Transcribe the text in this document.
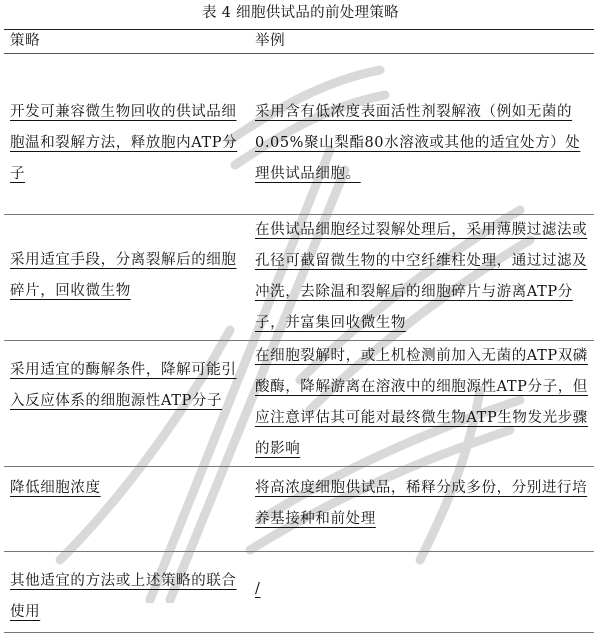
表 4 细胞供试品的前处理策略
策略	举例
开发可兼容微生物回收的供试品细胞温和裂解方法，释放胞内ATP分子	采用含有低浓度表面活性剂裂解液（例如无菌的0.05%聚山梨酯80水溶液或其他的适宜处方）处理供试品细胞。
采用适宜手段，分离裂解后的细胞碎片，回收微生物	在供试品细胞经过裂解处理后，采用薄膜过滤法或孔径可截留微生物的中空纤维柱处理，通过过滤及冲洗，去除温和裂解后的细胞碎片与游离ATP分子，并富集回收微生物
采用适宜的酶解条件，降解可能引入反应体系的细胞源性ATP分子	在细胞裂解时，或上机检测前加入无菌的ATP双磷酸酶，降解游离在溶液中的细胞源性ATP分子，但应注意评估其可能对最终微生物ATP生物发光步骤的影响
降低细胞浓度	将高浓度细胞供试品，稀释分成多份，分别进行培养基接种和前处理
其他适宜的方法或上述策略的联合使用	/
